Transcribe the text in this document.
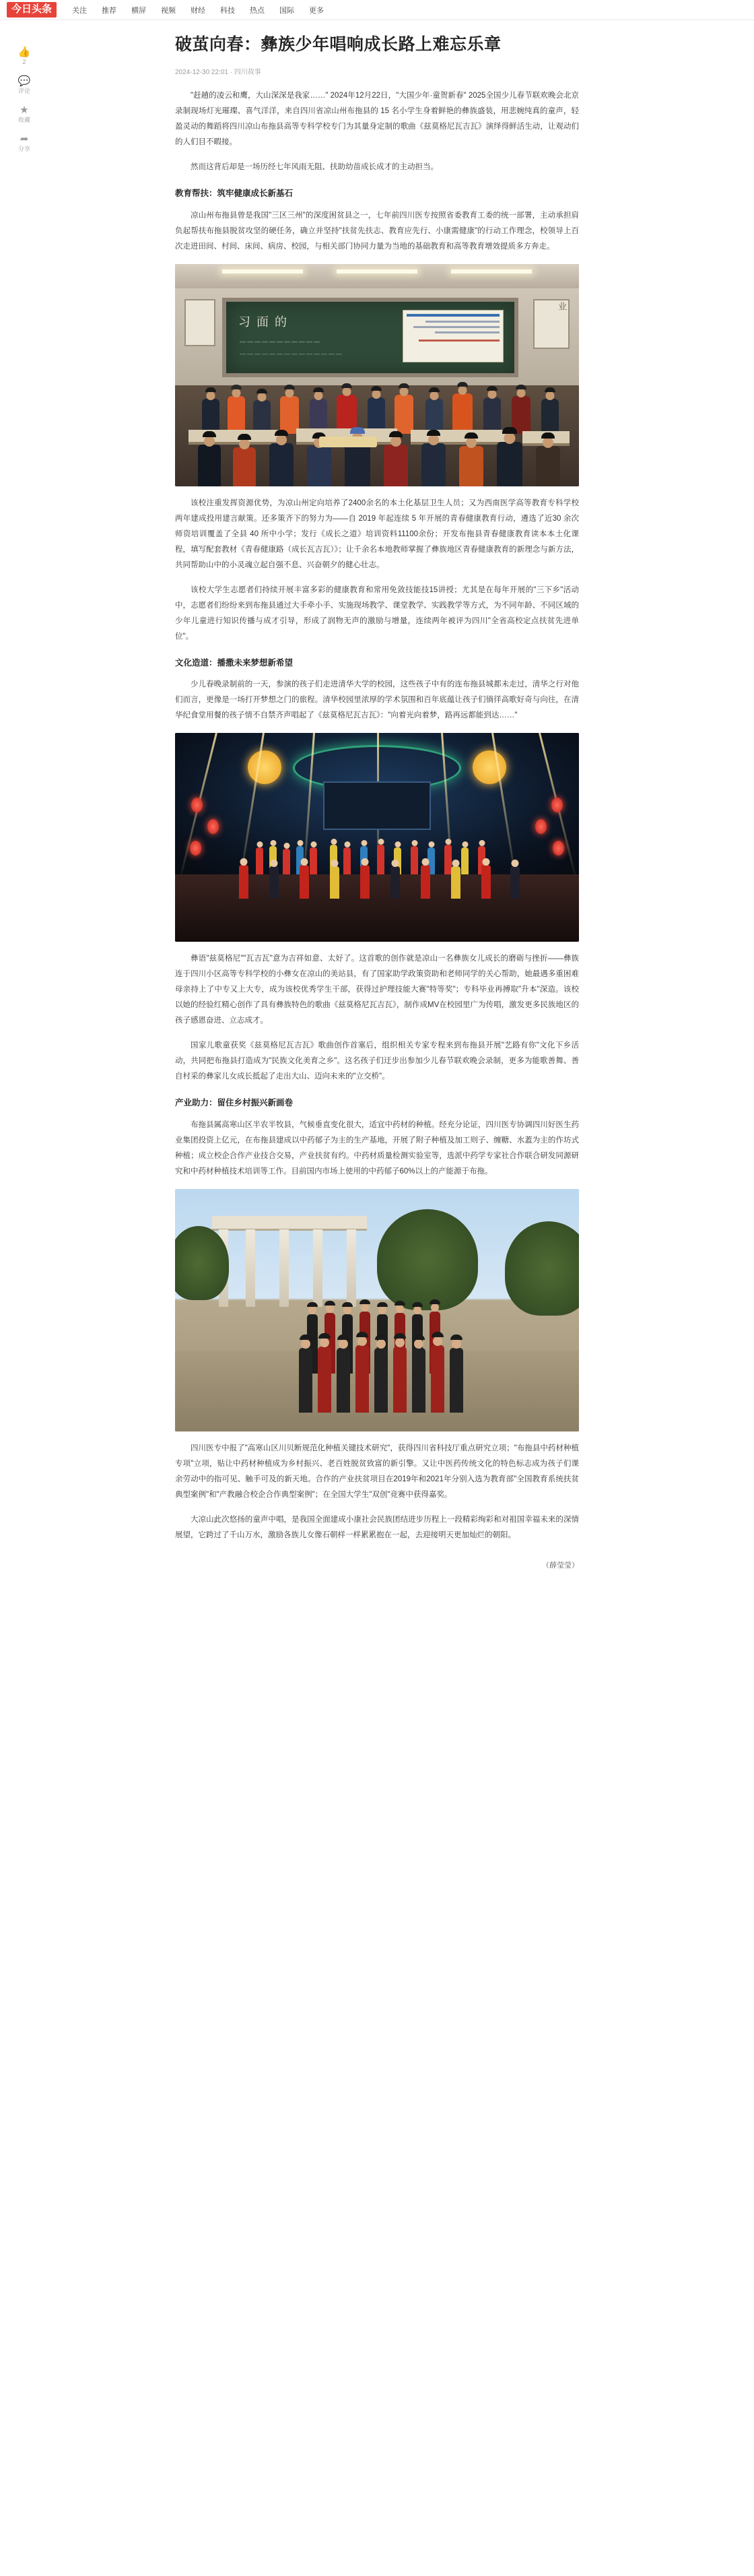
今日头条	关注	推荐	横屏	视频	财经	科技	热点	国际	更多
👍
2
💬
评论
★
收藏
➦
分享
破茧向春：彝族少年唱响成长路上难忘乐章
2024-12-30 22:01 · 四川故事

"赶趟的凌云和鹰，大山深深是我家……" 2024年12月22日，"大国少年·童贺新春" 2025全国少儿春节联欢晚会北京录制现场灯光璀璨、喜气洋洋，来自四川省凉山州布拖县的 15 名小学生身着鲜艳的彝族盛装，用悲婉纯真的童声，轻盈灵动的舞蹈将四川凉山布拖县高等专科学校专门为其量身定制的歌曲《兹莫格尼瓦吉瓦》演绎得鲜活生动，让观动们的人们目不暇接。

然而这背后却是一场历经七年风雨无阻、扶助幼苗成长成才的主动担当。

教育帮扶：筑牢健康成长新基石

凉山州布拖县曾是我国"三区三州"的深度困贫县之一，七年前四川医专按照省委教育工委的统一部署，主动承担肩负起帮扶布拖县脱贫攻坚的硬任务，确立并坚持"扶贫先扶志、教育应先行、小康需健康"的行动工作理念，校领导上百次走进田间、村间、床间、病房、校园，与相关部门协同力量为当地的基础教育和高等教育增效提质多方奔走。

习 面 的
———————————
——————————————
业

该校注重发挥资源优势，为凉山州定向培养了2400余名的本土化基层卫生人员；又为西南医学高等教育专科学校两年建成投用建言献策。还多策齐下的努力为——自 2019 年起连续 5 年开展的青春健康教育行动，遴选了近30 余次师资培训覆盖了全县 40 所中小学；发行《成长之道》培训资料11100余份；开发布拖县青春健康教育读本本土化课程，填写配套教材《青春健康路（成长瓦吉瓦）》；让千余名本地教师掌握了彝族地区青春健康教育的新理念与新方法，共同帮助山中的小灵魂立起自强不息、兴奋朝夕的健心壮志。

该校大学生志愿者们持续开展丰富多彩的健康教育和常用免敛技能技15讲授；尤其是在每年开展的"三下乡"活动中，志愿者们纷纷来到布拖县通过大手牵小手、实施现场教学、课堂教学、实践教学等方式，为不同年龄、不同区域的少年儿童进行知识传播与成才引导，形成了润物无声的激励与增量，连续两年被评为四川"全省高校定点扶贫先进单位"。

文化造道：播撒未来梦想新希望

少儿春晚录制前的一天，参演的孩子们走进清华大学的校园，这些孩子中有的连布拖县城都未走过，清华之行对他们而言，更像是一场打开梦想之门的旅程。清华校园里浓厚的学术氛围和百年底蕴让孩子们徜徉高歌好奇与向往，在清华纪食堂用餐的孩子情不自禁齐声唱起了《兹莫格尼瓦吉瓦》："向着光向着梦，路再远都能到达……"

彝语"兹莫格尼""瓦吉瓦"意为吉祥如意、太好了。这首歌的创作就是凉山一名彝族女儿成长的磨砺与挫折——彝族连于四川小区高等专科学校的小彝女在凉山的美站县，有了国家助学政策资助和老师同学的关心帮助，她最遇多重困难母亲持上了中专又上大专，成为该校优秀学生干部，获得过护理技能大赛"特等奖"；专科毕业再搏取"升本"深造。该校以她的经验红精心创作了具有彝族特色的歌曲《兹莫格尼瓦吉瓦》，制作成MV在校园里广为传唱，激发更多民族地区的孩子感恩奋进、立志成才。

国家儿歌童获奖《兹莫格尼瓦吉瓦》歌曲创作首塞后，组织相关专家专程来到布拖县开展"艺路有你"文化下乡活动，共同把布拖县打造成为"民族文化美育之乡"。这名孩子们迂步出参加少儿春节联欢晚会录制，更多为能歌善舞、善自村采的彝家儿女成长抵起了走出大山、迈向未来的"立交桥"。

产业助力：留住乡村振兴新画卷

布拖县属高寒山区半农半牧县，气候垂直变化很大，适宜中药材的种植。经充分论证，四川医专协调四川好医生药业集团投资上亿元，在布拖县建成以中药郁子为主的生产基地，开展了附子种植及加工则子、缠糖、水蓋为主的作坊式种植；成立校企合作产业技合交易，产业扶贫有约。中药材质量检测实验室等，选派中药学专家社合作联合研发同源研究和中药材种植技术培训等工作。目前国内市场上使用的中药郁子60%以上的产能源于布拖。

四川医专中报了"高寒山区川贝断规范化种植关键技术研究"，获得四川省科技厅重点研究立项；"布拖县中药材种植专项"立项，贴让中药材种植成为乡村振兴、老百姓脱贫致富的新引擎。又让中医药传统文化的特色标志成为孩子们课余劳动中的指可见、触手可及的新天地。合作的产业扶贫项目在2019年和2021年分别入选为教育部"全国教育系统扶贫典型案例"和"产教融合校企合作典型案例"；在全国大学生"双创"竞赛中获得嘉奖。

大凉山此次悠扬的童声中唱，是我国全面建成小康社会民族团结进步历程上一段精彩绚彩和对祖国幸福未来的深情展望，它跨过了千山万水，激励各族儿女像石朝样一样累累抱在一起，去迎接明天更加灿烂的朝阳。

（薛莹莹）
